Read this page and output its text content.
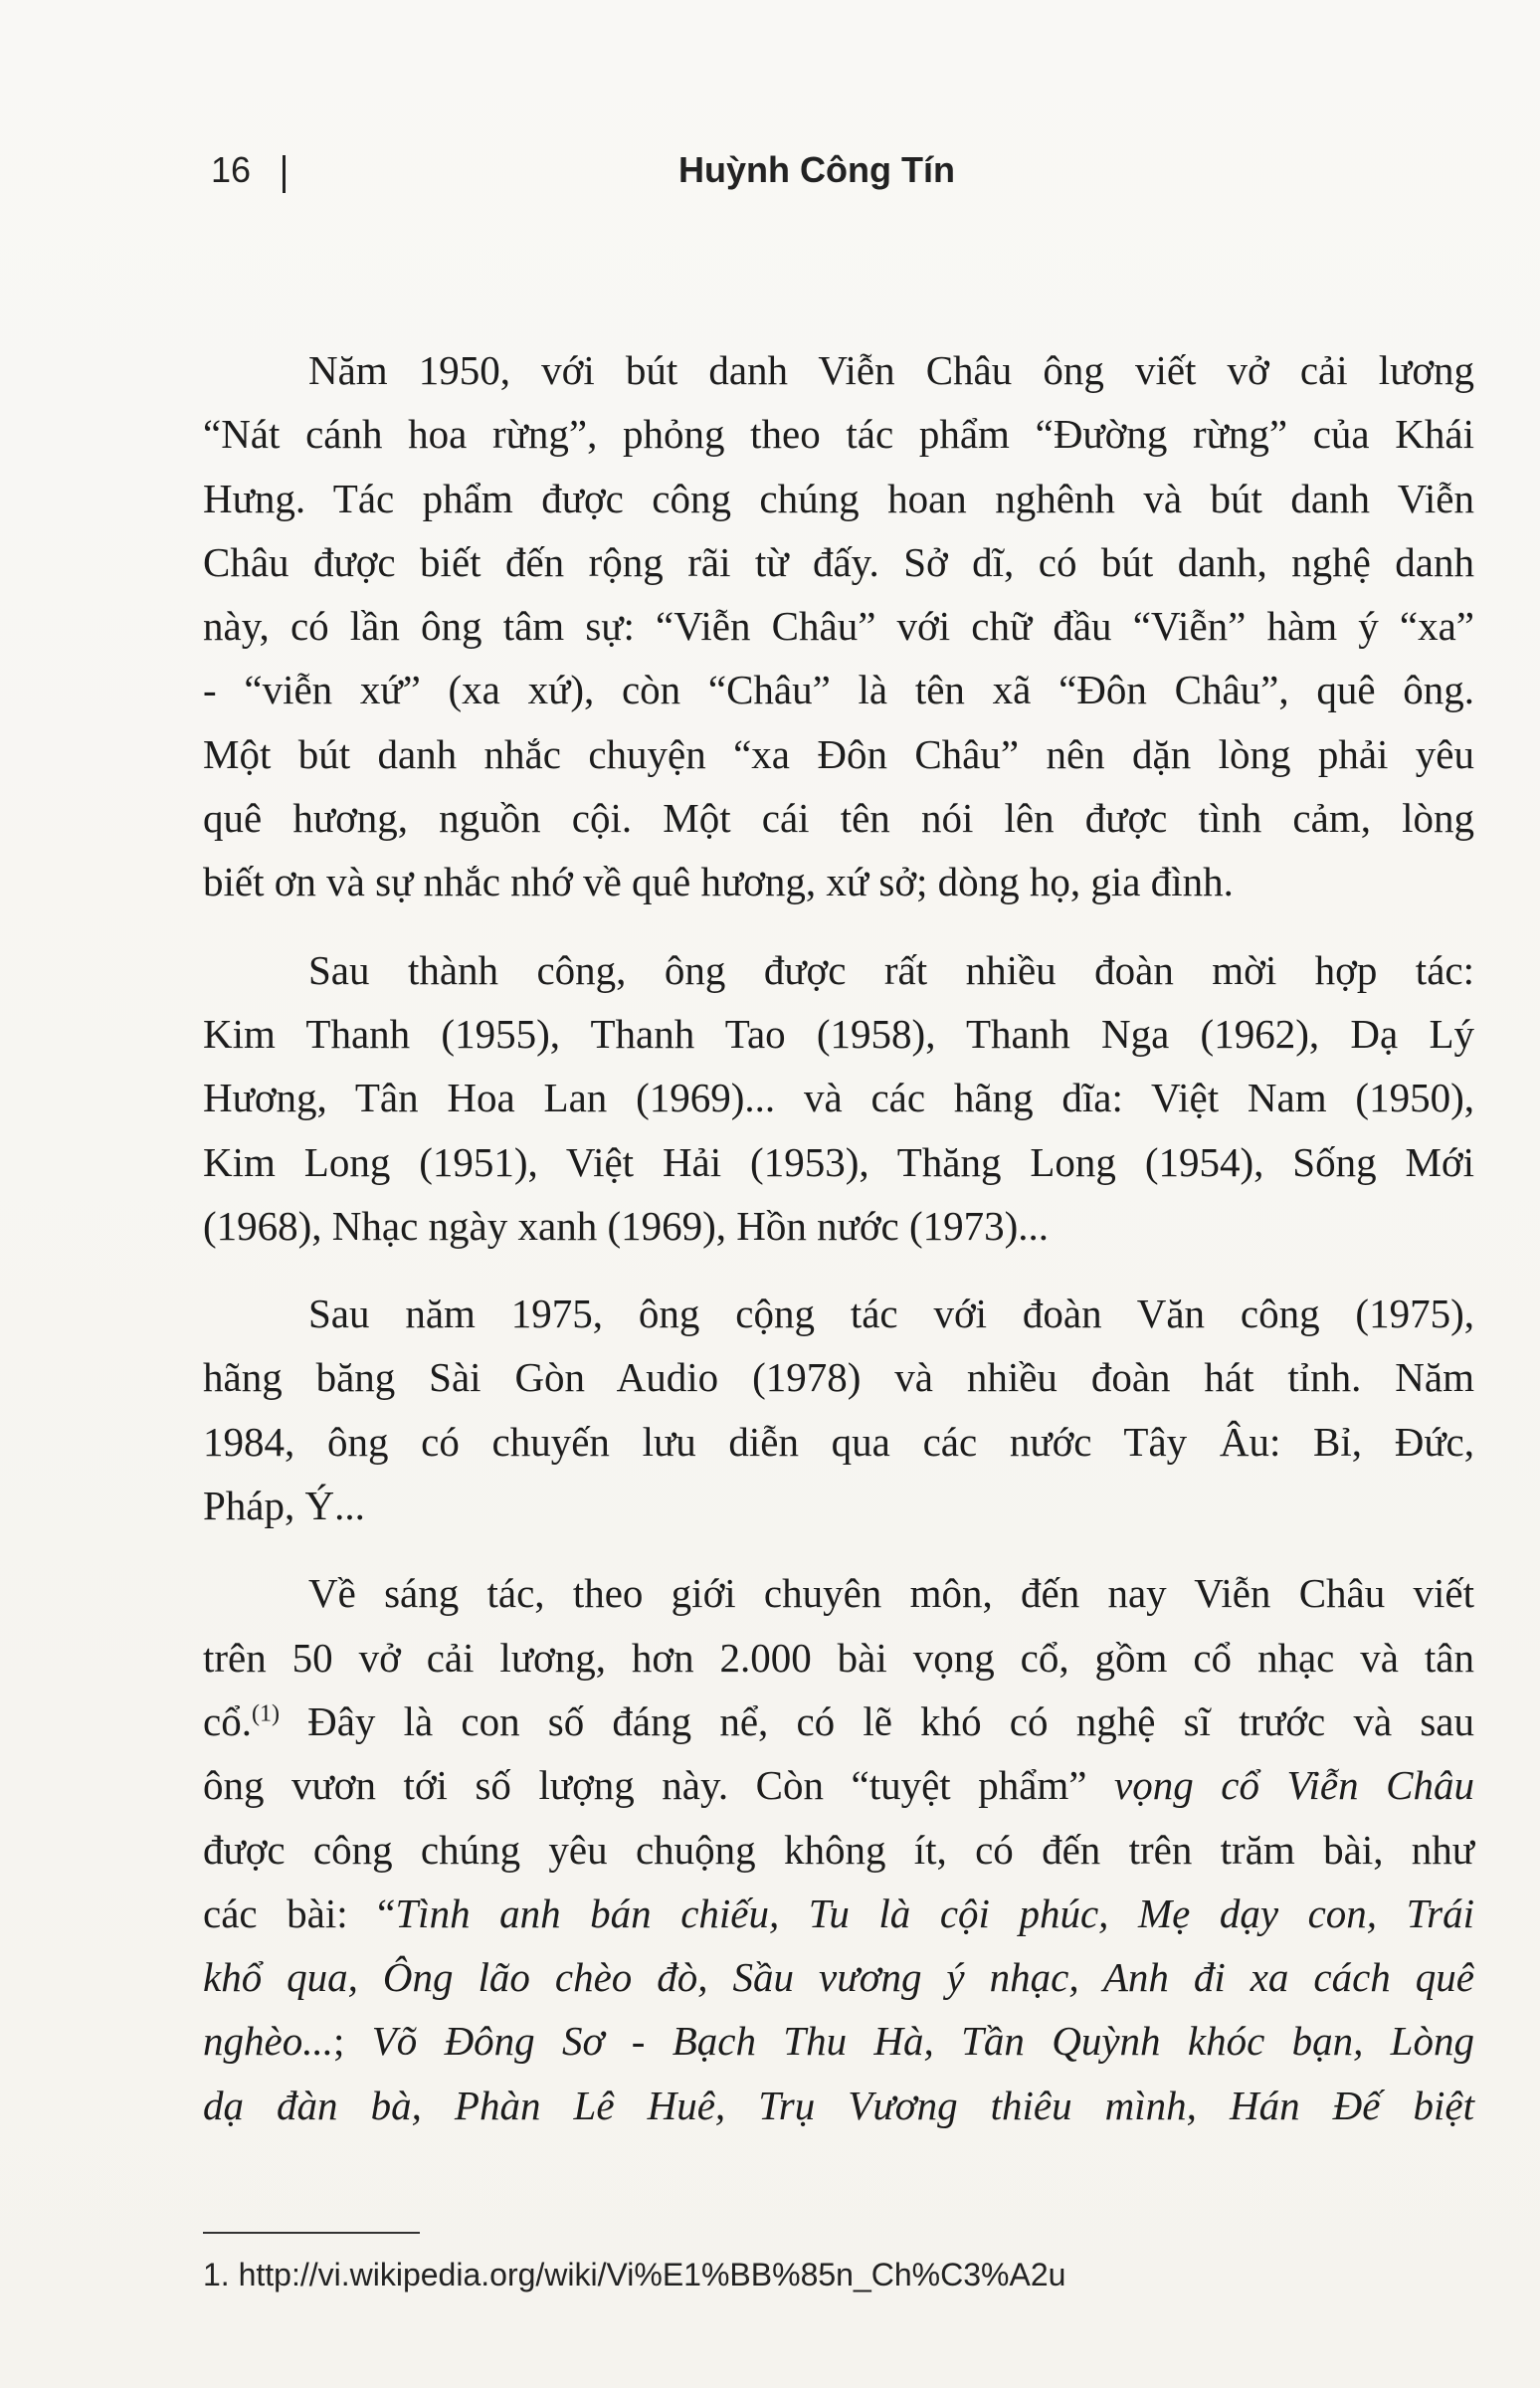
16	Huỳnh Công Tín
Năm 1950, với bút danh Viễn Châu ông viết vở cải lương
“Nát cánh hoa rừng”, phỏng theo tác phẩm “Đường rừng” của Khái
Hưng. Tác phẩm được công chúng hoan nghênh và bút danh Viễn
Châu được biết đến rộng rãi từ đấy. Sở dĩ, có bút danh, nghệ danh
này, có lần ông tâm sự: “Viễn Châu” với chữ đầu “Viễn” hàm ý “xa”
- “viễn xứ” (xa xứ), còn “Châu” là tên xã “Đôn Châu”, quê ông.
Một bút danh nhắc chuyện “xa Đôn Châu” nên dặn lòng phải yêu
quê hương, nguồn cội. Một cái tên nói lên được tình cảm, lòng
biết ơn và sự nhắc nhớ về quê hương, xứ sở; dòng họ, gia đình.
Sau thành công, ông được rất nhiều đoàn mời hợp tác:
Kim Thanh (1955), Thanh Tao (1958), Thanh Nga (1962), Dạ Lý
Hương, Tân Hoa Lan (1969)... và các hãng dĩa: Việt Nam (1950),
Kim Long (1951), Việt Hải (1953), Thăng Long (1954), Sống Mới
(1968), Nhạc ngày xanh (1969), Hồn nước (1973)...
Sau năm 1975, ông cộng tác với đoàn Văn công (1975),
hãng băng Sài Gòn Audio (1978) và nhiều đoàn hát tỉnh. Năm
1984, ông có chuyến lưu diễn qua các nước Tây Âu: Bỉ, Đức,
Pháp, Ý...
Về sáng tác, theo giới chuyên môn, đến nay Viễn Châu viết
trên 50 vở cải lương, hơn 2.000 bài vọng cổ, gồm cổ nhạc và tân
cổ.$^{(1)}$ Đây là con số đáng nể, có lẽ khó có nghệ sĩ trước và sau
ông vươn tới số lượng này. Còn “tuyệt phẩm” vọng cổ Viễn Châu
được công chúng yêu chuộng không ít, có đến trên trăm bài, như
các bài: “Tình anh bán chiếu, Tu là cội phúc, Mẹ dạy con, Trái
khổ qua, Ông lão chèo đò, Sầu vương ý nhạc, Anh đi xa cách quê
nghèo...; Võ Đông Sơ - Bạch Thu Hà, Tần Quỳnh khóc bạn, Lòng
dạ đàn bà, Phàn Lê Huê, Trụ Vương thiêu mình, Hán Đế biệt
1. http://vi.wikipedia.org/wiki/Vi%E1%BB%85n_Ch%C3%A2u
